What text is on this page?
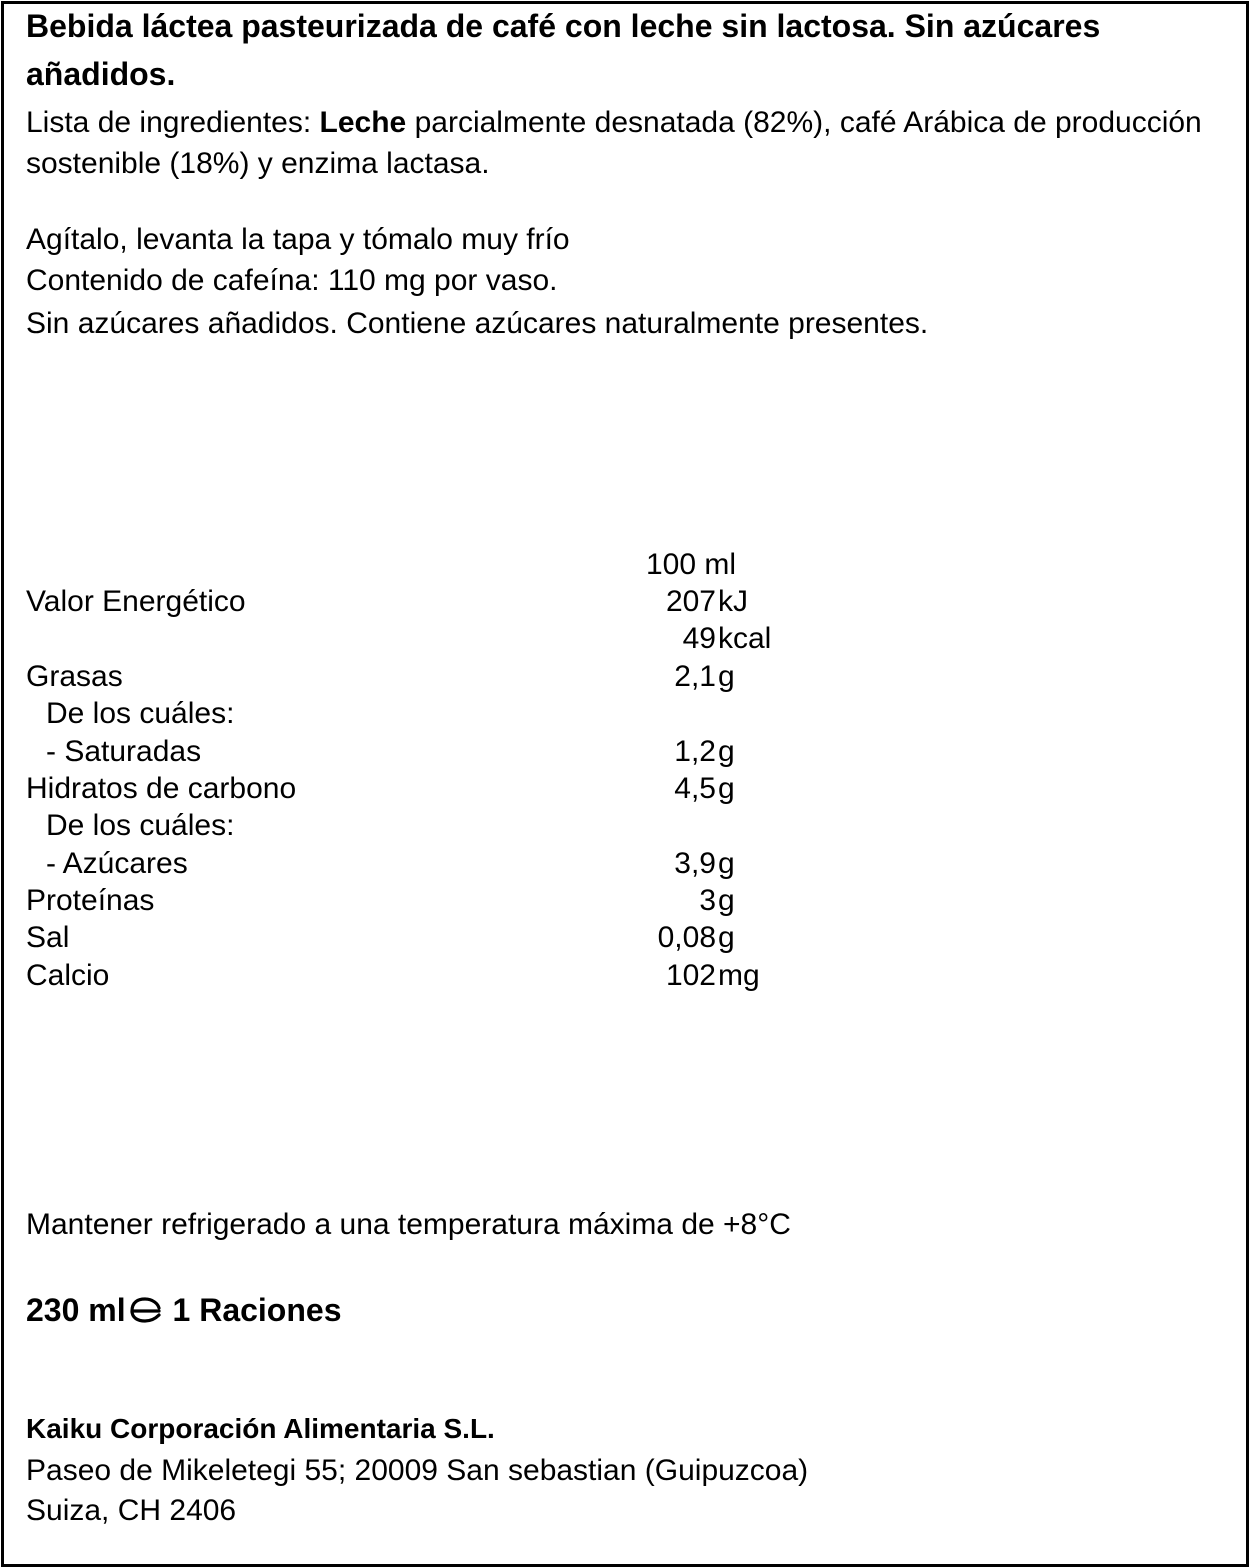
Bebida láctea pasteurizada de café con leche sin lactosa. Sin azúcares añadidos.
Lista de ingredientes: Leche parcialmente desnatada (82%), café Arábica de producción sostenible (18%) y enzima lactasa.
Agítalo, levanta la tapa y tómalo muy frío
Contenido de cafeína: 110 mg por vaso.
Sin azúcares añadidos. Contiene azúcares naturalmente presentes.
100 ml
Valor Energético	207 kJ
49 kcal
Grasas	2,1 g
De los cuáles:
- Saturadas	1,2 g
Hidratos de carbono	4,5 g
De los cuáles:
- Azúcares	3,9 g
Proteínas	3 g
Sal	0,08 g
Calcio	102 mg
Mantener refrigerado a una temperatura máxima de +8°C
230 ml 1 Raciones
Kaiku Corporación Alimentaria S.L.
Paseo de Mikeletegi 55; 20009 San sebastian (Guipuzcoa)
Suiza, CH 2406
